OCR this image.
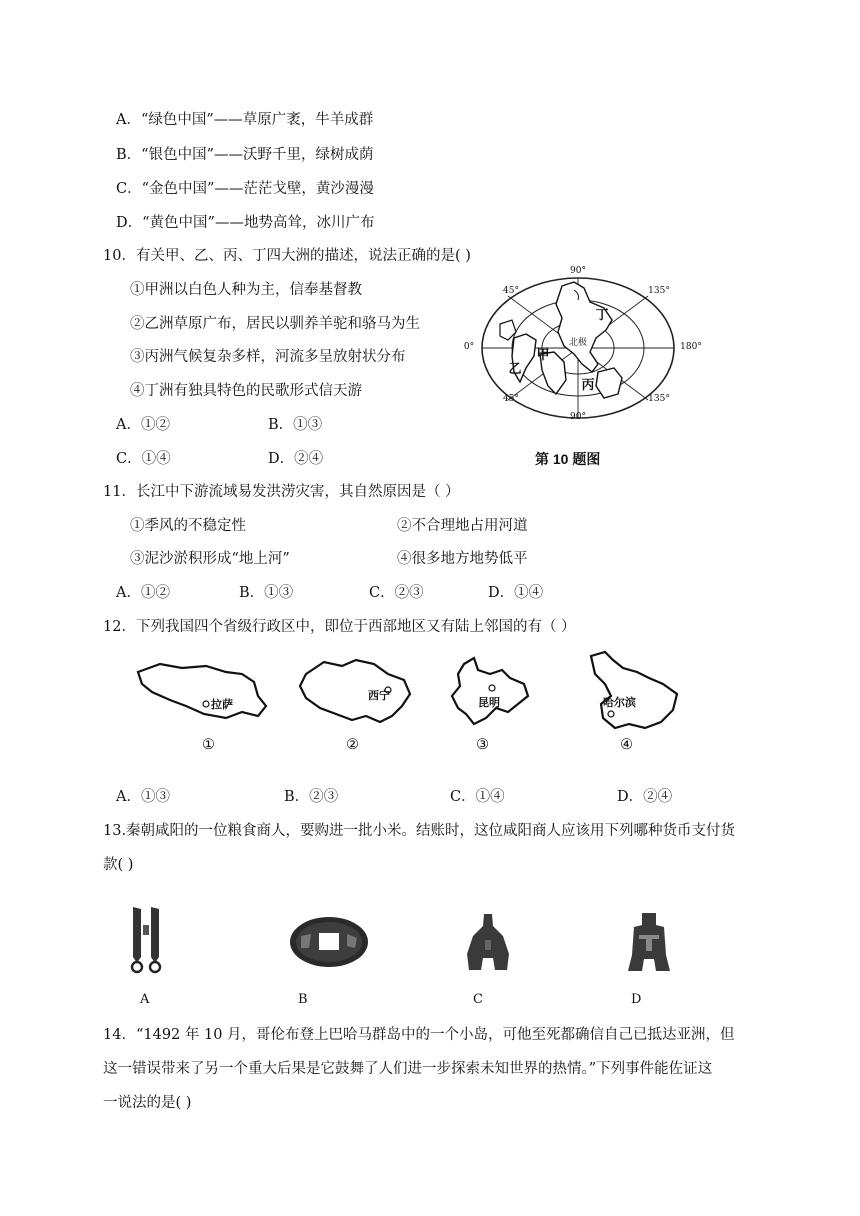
A．“绿色中国”——草原广袤，牛羊成群
B．“银色中国”——沃野千里，绿树成荫
C．“金色中国”——茫茫戈壁，黄沙漫漫
D．“黄色中国”——地势高耸，冰川广布
10．有关甲、乙、丙、丁四大洲的描述，说法正确的是( )
①甲洲以白色人种为主，信奉基督教
②乙洲草原广布，居民以驯养羊驼和骆马为生
③丙洲气候复杂多样，河流多呈放射状分布
④丁洲有独具特色的民歌形式信天游
A．①②	B．①③
C．①④	D．②④
90°
90°
0°	180°
45°	135°
45°	135°
北极
甲
乙
丙
丁
第 10 题图
11．长江中下游流域易发洪涝灾害，其自然原因是（ ）
①季风的不稳定性	②不合理地占用河道
③泥沙淤积形成“地上河”	④很多地方地势低平
A．①②	B．①③	C．②③	D．①④
12．下列我国四个省级行政区中，即位于西部地区又有陆上邻国的有（ ）
拉萨
西宁
昆明	哈尔滨
①	②	③	④
A．①③	B．②③	C．①④	D．②④
13.秦朝咸阳的一位粮食商人，要购进一批小米。结账时，这位咸阳商人应该用下列哪种货币支付货
款( )
A	B	C	D
14．“1492 年 10 月，哥伦布登上巴哈马群岛中的一个小岛，可他至死都确信自己已抵达亚洲，但
这一错误带来了另一个重大后果是它鼓舞了人们进一步探索未知世界的热情。”下列事件能佐证这
一说法的是( )
